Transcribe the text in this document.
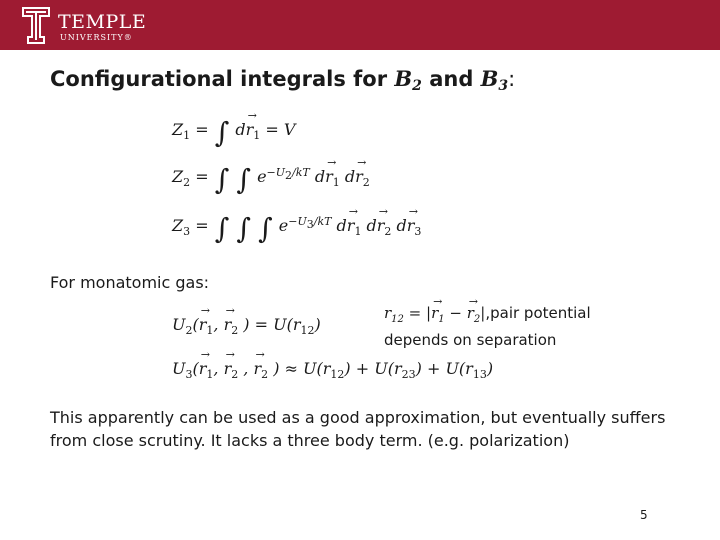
TEMPLE
UNIVERSITY®
Configurational integrals for $B_2$ and $B_3$:
$Z_1$ = ∫ $d\to r_1 = V$
$Z_2$ = ∫ ∫ $e^{-U_2/kT}$ $d\to r_1$ $d\to r_2$
$Z_3$ = ∫ ∫ ∫ $e^{-U_3/kT}$ $d\to r_1$ $d\to r_2$ $d\to r_3$
For monatomic gas:
$U_2(\to r_1$, → $r_2$ ) = $U(r_{12})$
$r_{12}$ = |→ $r_1$ − → $r_2|,pair$ potential
depends on separation
$U_3(\to r_1$, → $r_2$ , → $r_2$ ) ≈ $U(r_{12}) + U(r_{23}) + U(r_{13})$
This apparently can be used as a good approximation, but eventually suffers from close scrutiny. It lacks a three body term. (e.g. polarization)
5
